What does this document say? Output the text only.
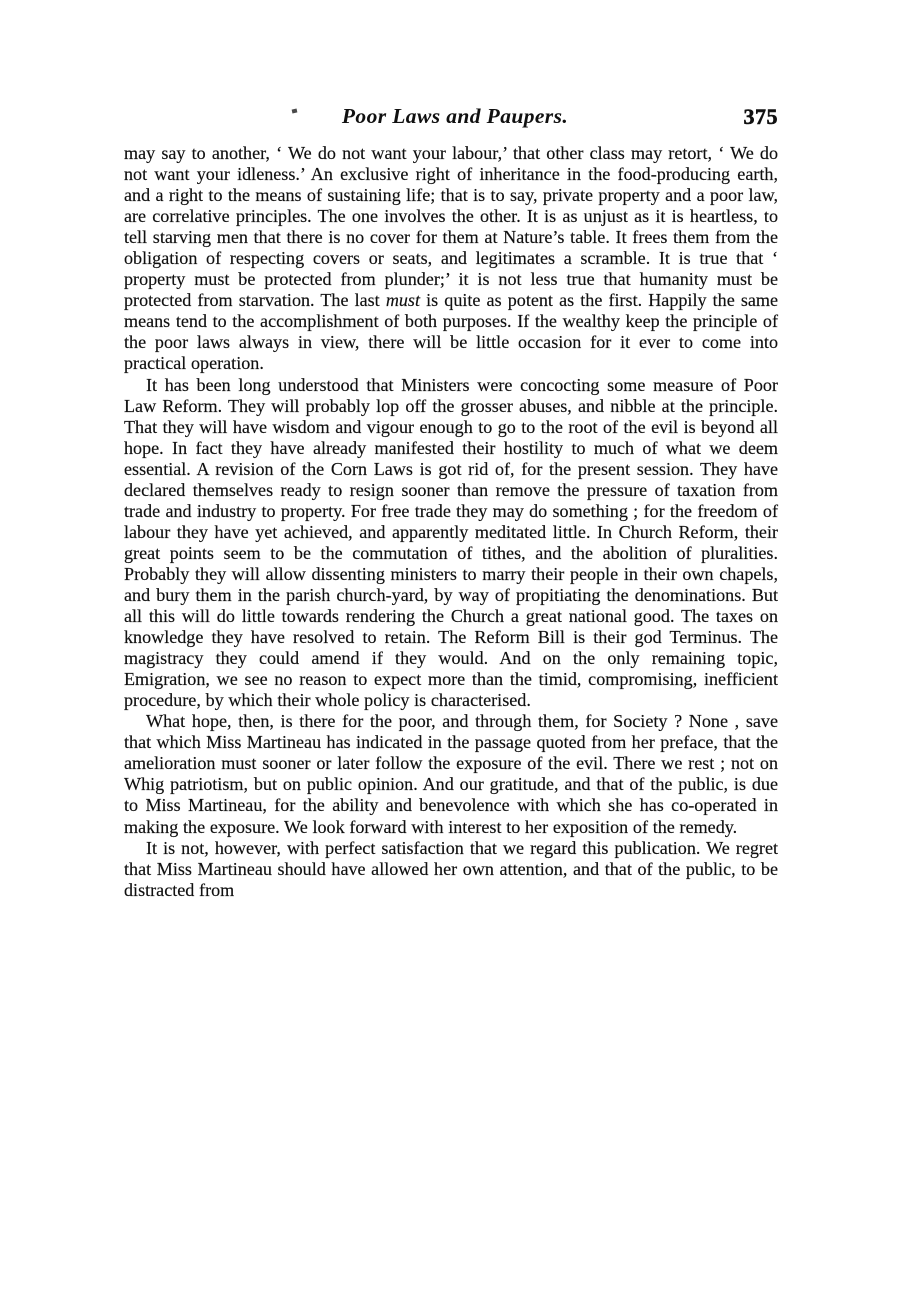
Poor Laws and Paupers.	375

may say to another, ‘ We do not want your labour,’ that other class may retort, ‘ We do not want your idleness.’ An exclusive right of inheritance in the food-producing earth, and a right to the means of sustaining life; that is to say, private property and a poor law, are correlative principles. The one involves the other. It is as unjust as it is heartless, to tell starving men that there is no cover for them at Nature’s table. It frees them from the obligation of respecting covers or seats, and legitimates a scramble. It is true that ‘ property must be protected from plunder;’ it is not less true that humanity must be protected from starvation. The last must is quite as potent as the first. Happily the same means tend to the accomplishment of both purposes. If the wealthy keep the principle of the poor laws always in view, there will be little occasion for it ever to come into practical operation.

It has been long understood that Ministers were concocting some measure of Poor Law Reform. They will probably lop off the grosser abuses, and nibble at the principle. That they will have wisdom and vigour enough to go to the root of the evil is beyond all hope. In fact they have already manifested their hostility to much of what we deem essential. A revision of the Corn Laws is got rid of, for the present session. They have declared themselves ready to resign sooner than remove the pressure of taxation from trade and industry to property. For free trade they may do something ; for the freedom of labour they have yet achieved, and apparently meditated little. In Church Reform, their great points seem to be the commutation of tithes, and the abolition of pluralities. Probably they will allow dissenting ministers to marry their people in their own chapels, and bury them in the parish church-yard, by way of propitiating the denominations. But all this will do little towards rendering the Church a great national good. The taxes on knowledge they have resolved to retain. The Reform Bill is their god Terminus. The magistracy they could amend if they would. And on the only remaining topic, Emigration, we see no reason to expect more than the timid, compromising, inefficient procedure, by which their whole policy is characterised.

What hope, then, is there for the poor, and through them, for Society ? None , save that which Miss Martineau has indicated in the passage quoted from her preface, that the amelioration must sooner or later follow the exposure of the evil. There we rest ; not on Whig patriotism, but on public opinion. And our gratitude, and that of the public, is due to Miss Martineau, for the ability and benevolence with which she has co-operated in making the exposure. We look forward with interest to her exposition of the remedy.

It is not, however, with perfect satisfaction that we regard this publication. We regret that Miss Martineau should have allowed her own attention, and that of the public, to be distracted from
